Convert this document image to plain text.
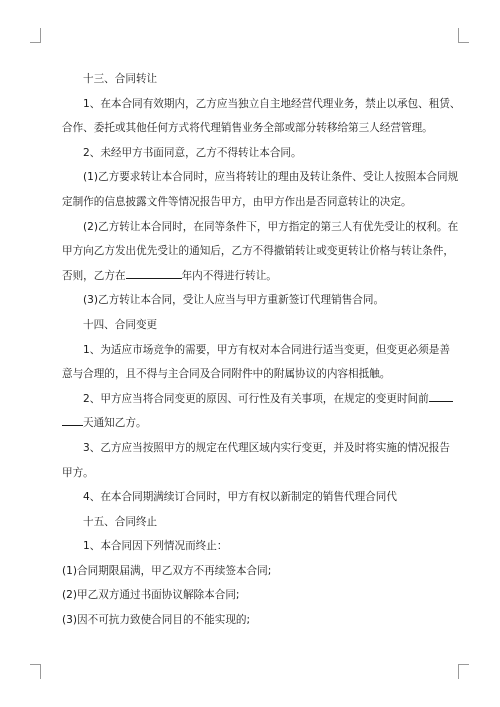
十三、合同转让
1、在本合同有效期内，乙方应当独立自主地经营代理业务，禁止以承包、租赁、
合作、委托或其他任何方式将代理销售业务全部或部分转移给第三人经营管理。
2、未经甲方书面同意，乙方不得转让本合同。
(1)乙方要求转让本合同时，应当将转让的理由及转让条件、受让人按照本合同规
定制作的信息披露文件等情况报告甲方，由甲方作出是否同意转让的决定。
(2)乙方转让本合同时，在同等条件下，甲方指定的第三人有优先受让的权利。在
甲方向乙方发出优先受让的通知后，乙方不得撤销转让或变更转让价格与转让条件，
否则，乙方在	年内不得进行转让。
(3)乙方转让本合同，受让人应当与甲方重新签订代理销售合同。
十四、合同变更
1、为适应市场竞争的需要，甲方有权对本合同进行适当变更，但变更必须是善
意与合理的，且不得与主合同及合同附件中的附属协议的内容相抵触。
2、甲方应当将合同变更的原因、可行性及有关事项，在规定的变更时间前
天通知乙方。
3、乙方应当按照甲方的规定在代理区域内实行变更，并及时将实施的情况报告
甲方。
4、在本合同期满续订合同时，甲方有权以新制定的销售代理合同代
十五、合同终止
1、本合同因下列情况而终止：
(1)合同期限届满，甲乙双方不再续签本合同;
(2)甲乙双方通过书面协议解除本合同;
(3)因不可抗力致使合同目的不能实现的;
